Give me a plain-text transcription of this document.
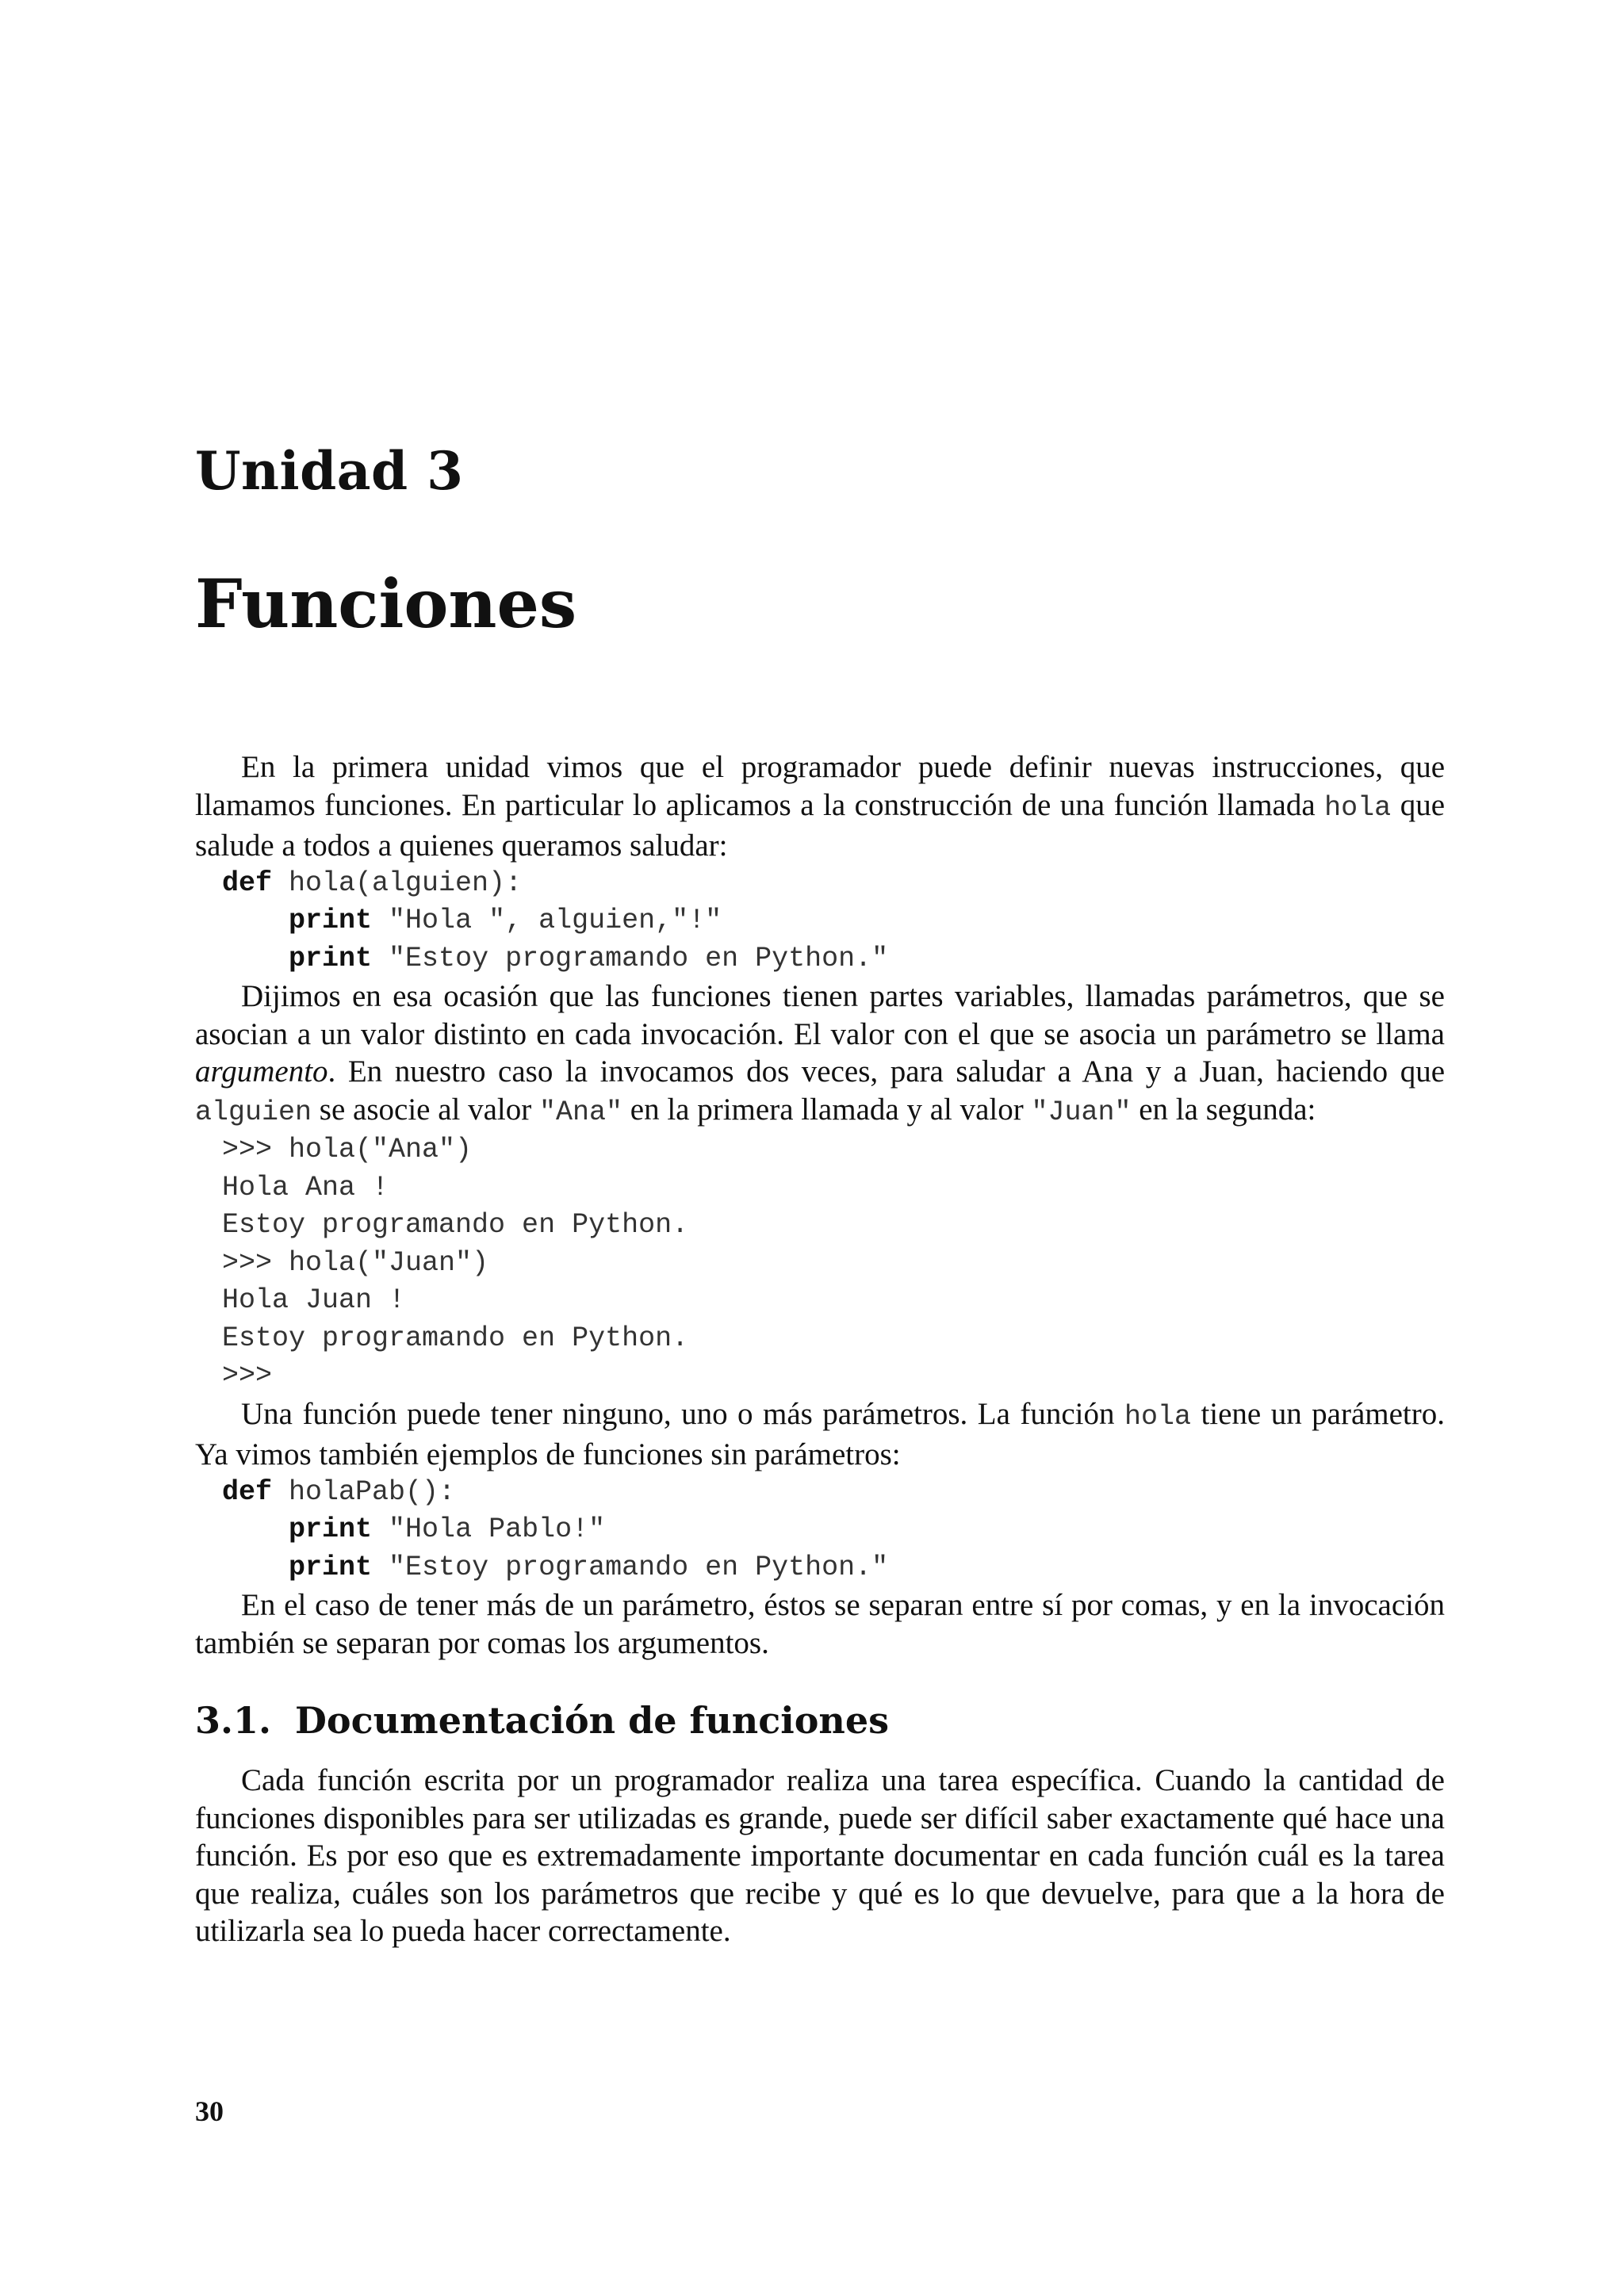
Unidad 3
Funciones

En la primera unidad vimos que el programador puede definir nuevas instrucciones, que llamamos funciones. En particular lo aplicamos a la construcción de una función llamada hola que salude a todos a quienes queramos saludar:

def hola(alguien):
print "Hola ", alguien,"!"
print "Estoy programando en Python."

Dijimos en esa ocasión que las funciones tienen partes variables, llamadas parámetros, que se asocian a un valor distinto en cada invocación. El valor con el que se asocia un parámetro se llama argumento. En nuestro caso la invocamos dos veces, para saludar a Ana y a Juan, haciendo que alguien se asocie al valor "Ana" en la primera llamada y al valor "Juan" en la segunda:

>>> hola("Ana")
Hola Ana !
Estoy programando en Python.
>>> hola("Juan")
Hola Juan !
Estoy programando en Python.
>>>

Una función puede tener ninguno, uno o más parámetros. La función hola tiene un parámetro. Ya vimos también ejemplos de funciones sin parámetros:

def holaPab():
print "Hola Pablo!"
print "Estoy programando en Python."

En el caso de tener más de un parámetro, éstos se separan entre sí por comas, y en la invocación también se separan por comas los argumentos.

3.1. Documentación de funciones

Cada función escrita por un programador realiza una tarea específica. Cuando la cantidad de funciones disponibles para ser utilizadas es grande, puede ser difícil saber exactamente qué hace una función. Es por eso que es extremadamente importante documentar en cada función cuál es la tarea que realiza, cuáles son los parámetros que recibe y qué es lo que devuelve, para que a la hora de utilizarla sea lo pueda hacer correctamente.

30
